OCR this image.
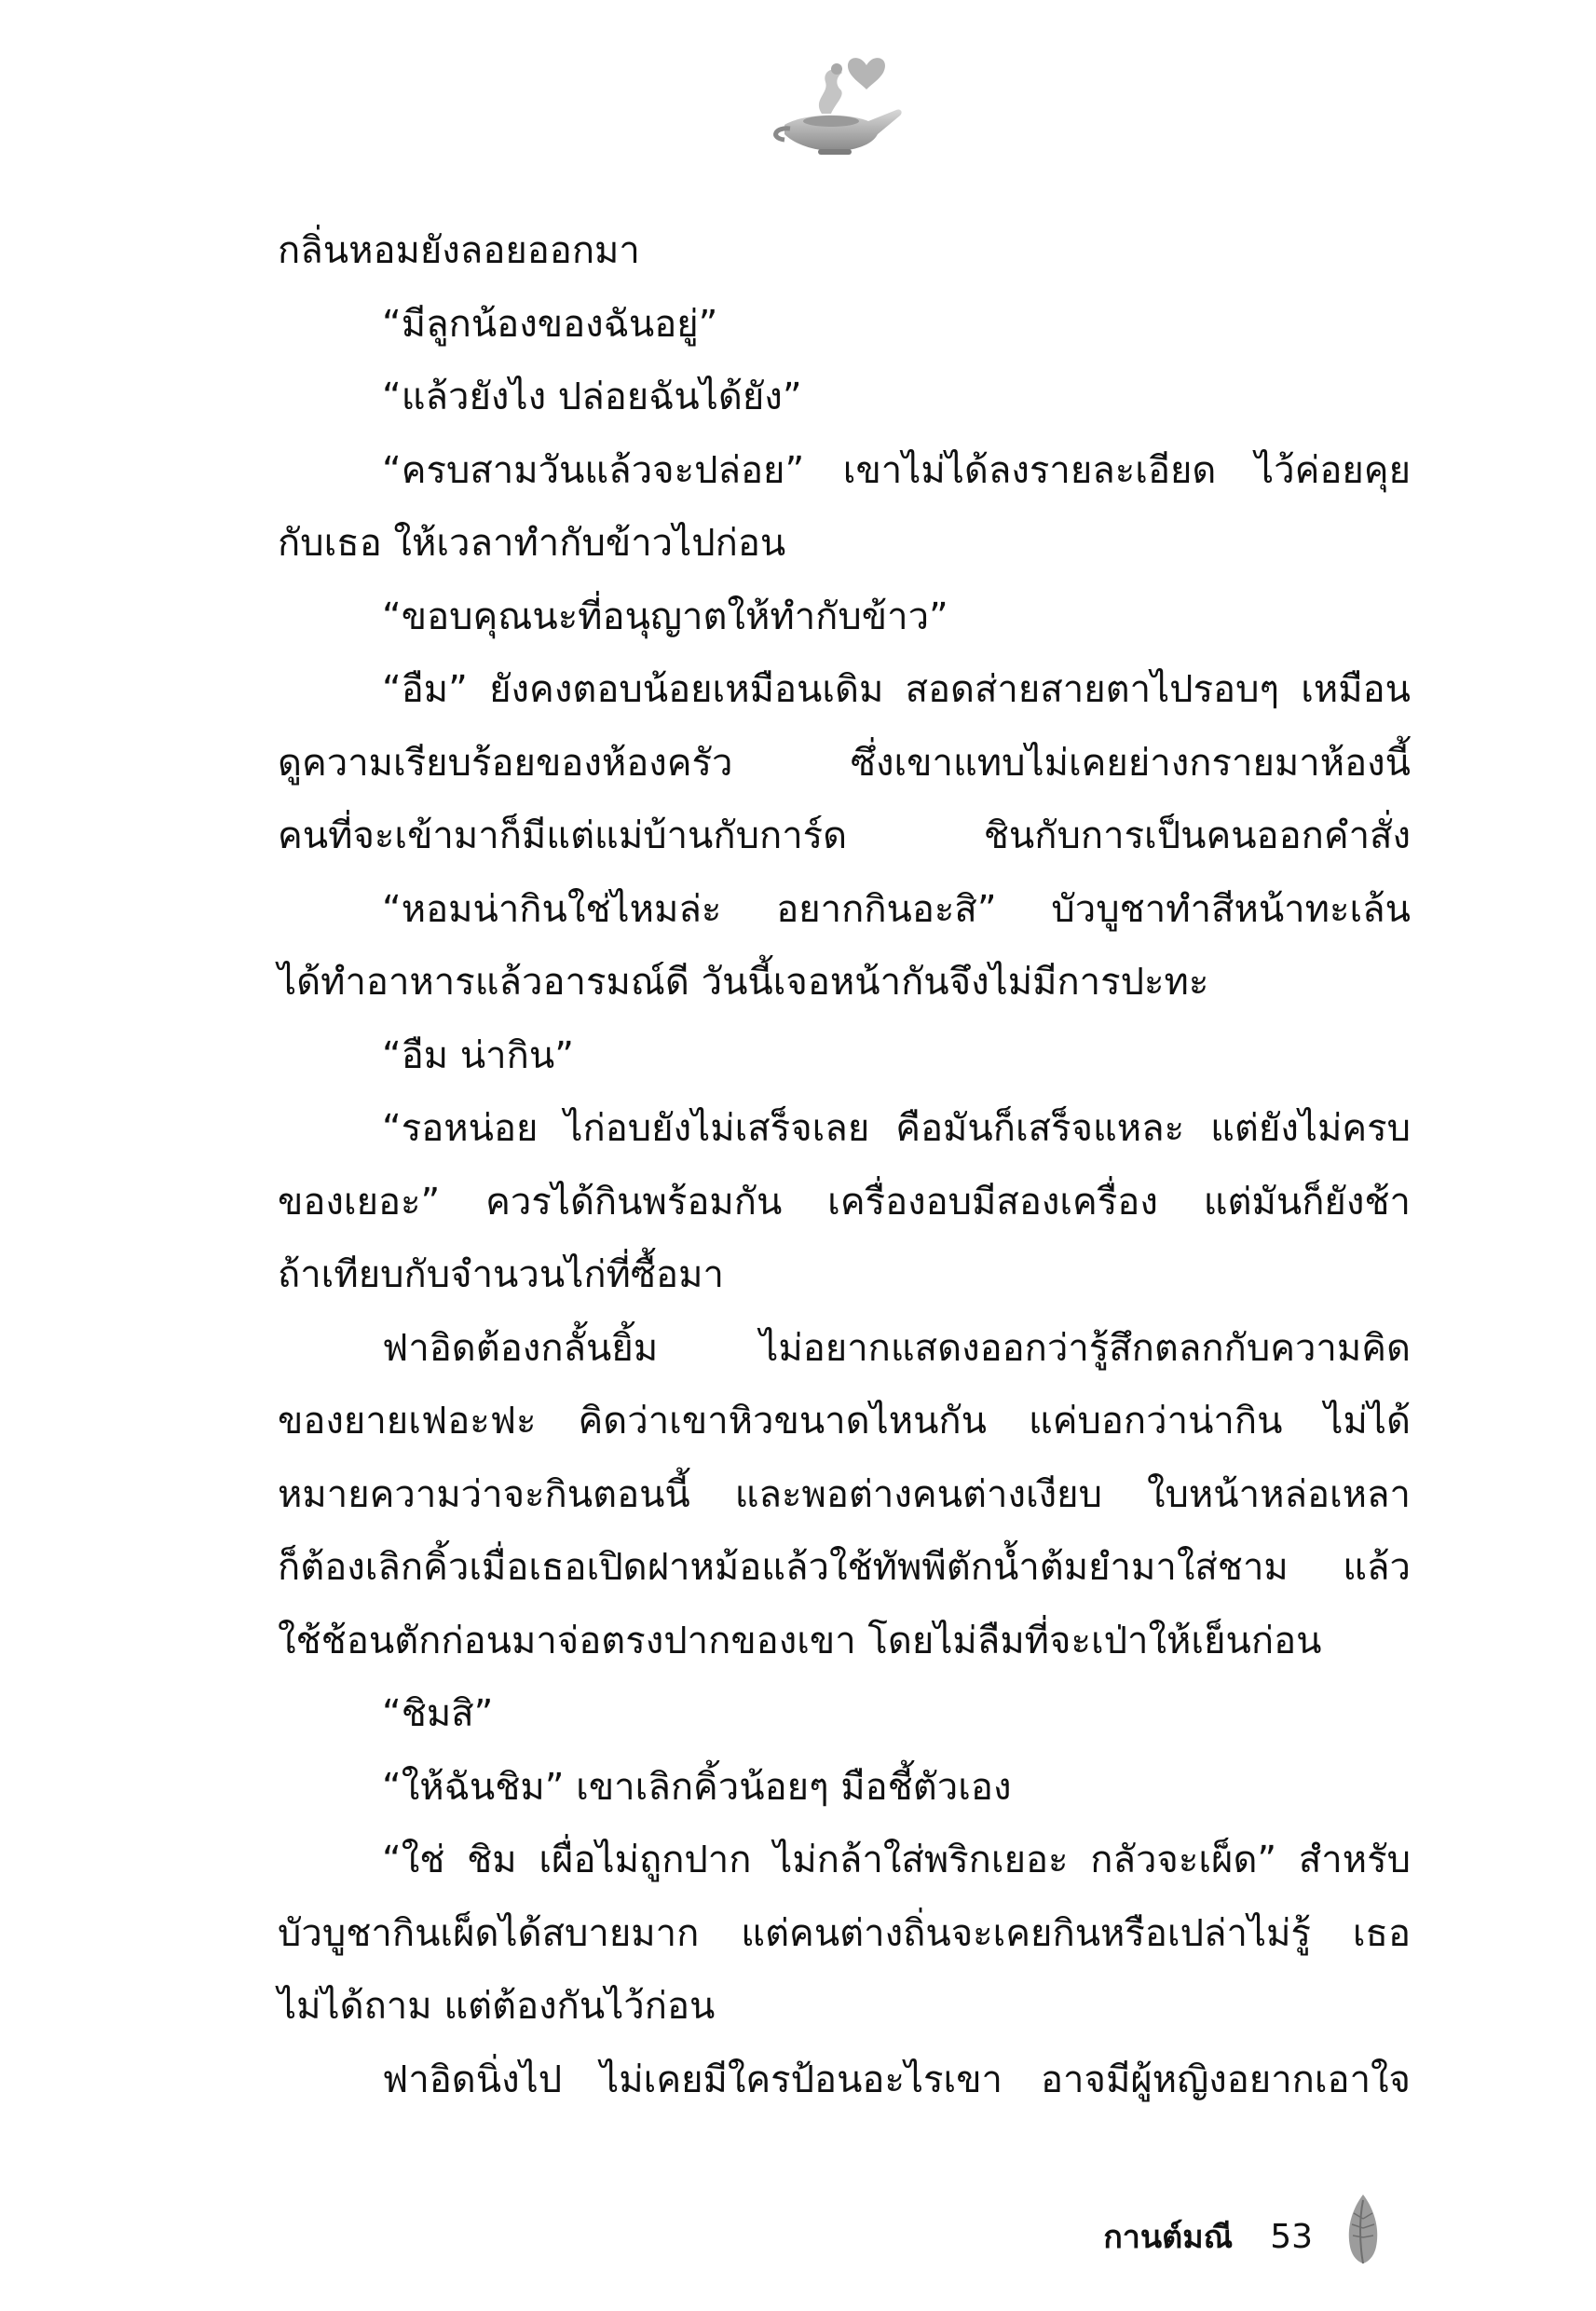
กลิ่นหอมยังลอยออกมา
“มีลูกน้องของฉันอยู่”
“แล้วยังไง ปล่อยฉันได้ยัง”
“ครบสามวันแล้วจะปล่อย” เขาไม่ได้ลงรายละเอียด ไว้ค่อยคุย
กับเธอ ให้เวลาทำกับข้าวไปก่อน
“ขอบคุณนะที่อนุญาตให้ทำกับข้าว”
“อืม” ยังคงตอบน้อยเหมือนเดิม สอดส่ายสายตาไปรอบๆ เหมือน
ดูความเรียบร้อยของห้องครัว ซึ่งเขาแทบไม่เคยย่างกรายมาห้องนี้
คนที่จะเข้ามาก็มีแต่แม่บ้านกับการ์ด ชินกับการเป็นคนออกคำสั่ง
“หอมน่ากินใช่ไหมล่ะ อยากกินอะสิ” บัวบูชาทำสีหน้าทะเล้น
ได้ทำอาหารแล้วอารมณ์ดี วันนี้เจอหน้ากันจึงไม่มีการปะทะ
“อืม น่ากิน”
“รอหน่อย ไก่อบยังไม่เสร็จเลย คือมันก็เสร็จแหละ แต่ยังไม่ครบ
ของเยอะ” ควรได้กินพร้อมกัน เครื่องอบมีสองเครื่อง แต่มันก็ยังช้า
ถ้าเทียบกับจำนวนไก่ที่ซื้อมา
ฟาอิดต้องกลั้นยิ้ม ไม่อยากแสดงออกว่ารู้สึกตลกกับความคิด
ของยายเฟอะฟะ คิดว่าเขาหิวขนาดไหนกัน แค่บอกว่าน่ากิน ไม่ได้
หมายความว่าจะกินตอนนี้ และพอต่างคนต่างเงียบ ใบหน้าหล่อเหลา
ก็ต้องเลิกคิ้วเมื่อเธอเปิดฝาหม้อแล้วใช้ทัพพีตักน้ำต้มยำมาใส่ชาม แล้ว
ใช้ช้อนตักก่อนมาจ่อตรงปากของเขา โดยไม่ลืมที่จะเป่าให้เย็นก่อน
“ชิมสิ”
“ให้ฉันชิม” เขาเลิกคิ้วน้อยๆ มือชี้ตัวเอง
“ใช่ ชิม เผื่อไม่ถูกปาก ไม่กล้าใส่พริกเยอะ กลัวจะเผ็ด” สำหรับ
บัวบูชากินเผ็ดได้สบายมาก แต่คนต่างถิ่นจะเคยกินหรือเปล่าไม่รู้ เธอ
ไม่ได้ถาม แต่ต้องกันไว้ก่อน
ฟาอิดนิ่งไป ไม่เคยมีใครป้อนอะไรเขา อาจมีผู้หญิงอยากเอาใจ
กานต์มณี 53
